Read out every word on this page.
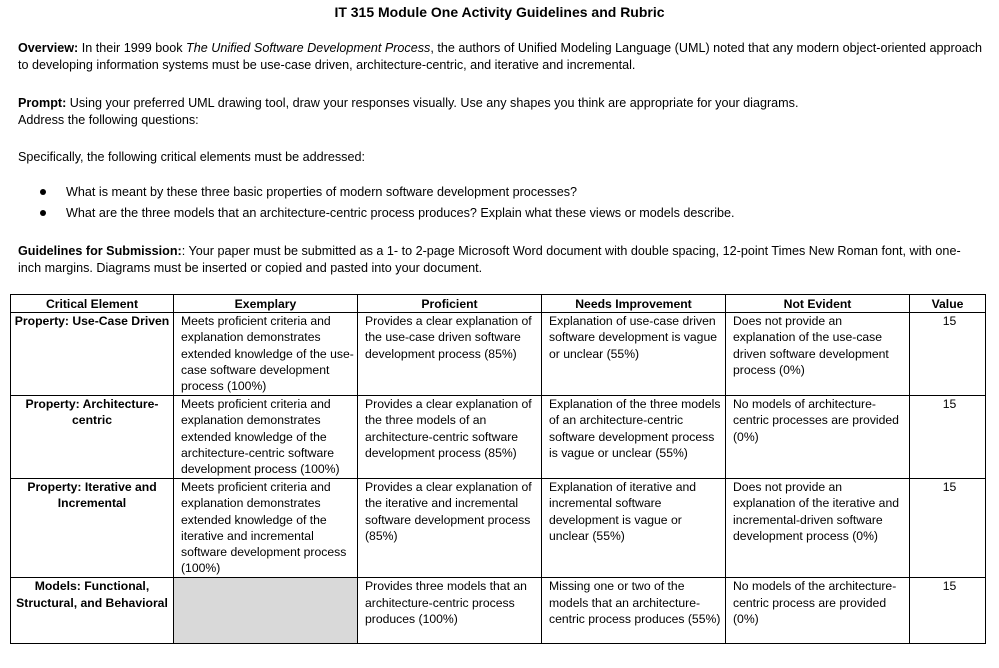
IT 315 Module One Activity Guidelines and Rubric
Overview: In their 1999 book The Unified Software Development Process, the authors of Unified Modeling Language (UML) noted that any modern object-oriented approach to developing information systems must be use-case driven, architecture-centric, and iterative and incremental.
Prompt: Using your preferred UML drawing tool, draw your responses visually. Use any shapes you think are appropriate for your diagrams.
Address the following questions:
Specifically, the following critical elements must be addressed:
What is meant by these three basic properties of modern software development processes?
What are the three models that an architecture-centric process produces? Explain what these views or models describe.
Guidelines for Submission:: Your paper must be submitted as a 1- to 2-page Microsoft Word document with double spacing, 12-point Times New Roman font, with one-inch margins. Diagrams must be inserted or copied and pasted into your document.
Critical Element	Exemplary	Proficient	Needs Improvement	Not Evident	Value
Property: Use-Case Driven	Meets proficient criteria and explanation demonstrates extended knowledge of the use-case software development process (100%)	Provides a clear explanation of the use-case driven software development process (85%)	Explanation of use-case driven software development is vague or unclear (55%)	Does not provide an explanation of the use-case driven software development process (0%)	15
Property: Architecture-centric	Meets proficient criteria and explanation demonstrates extended knowledge of the architecture-centric software development process (100%)	Provides a clear explanation of the three models of an architecture-centric software development process (85%)	Explanation of the three models of an architecture-centric software development process is vague or unclear (55%)	No models of architecture-centric processes are provided (0%)	15
Property: Iterative and Incremental	Meets proficient criteria and explanation demonstrates extended knowledge of the iterative and incremental software development process (100%)	Provides a clear explanation of the iterative and incremental software development process (85%)	Explanation of iterative and incremental software development is vague or unclear (55%)	Does not provide an explanation of the iterative and incremental-driven software development process (0%)	15
Models: Functional, Structural, and Behavioral		Provides three models that an architecture-centric process produces (100%)	Missing one or two of the models that an architecture-centric process produces (55%)	No models of the architecture-centric process are provided (0%)	15
